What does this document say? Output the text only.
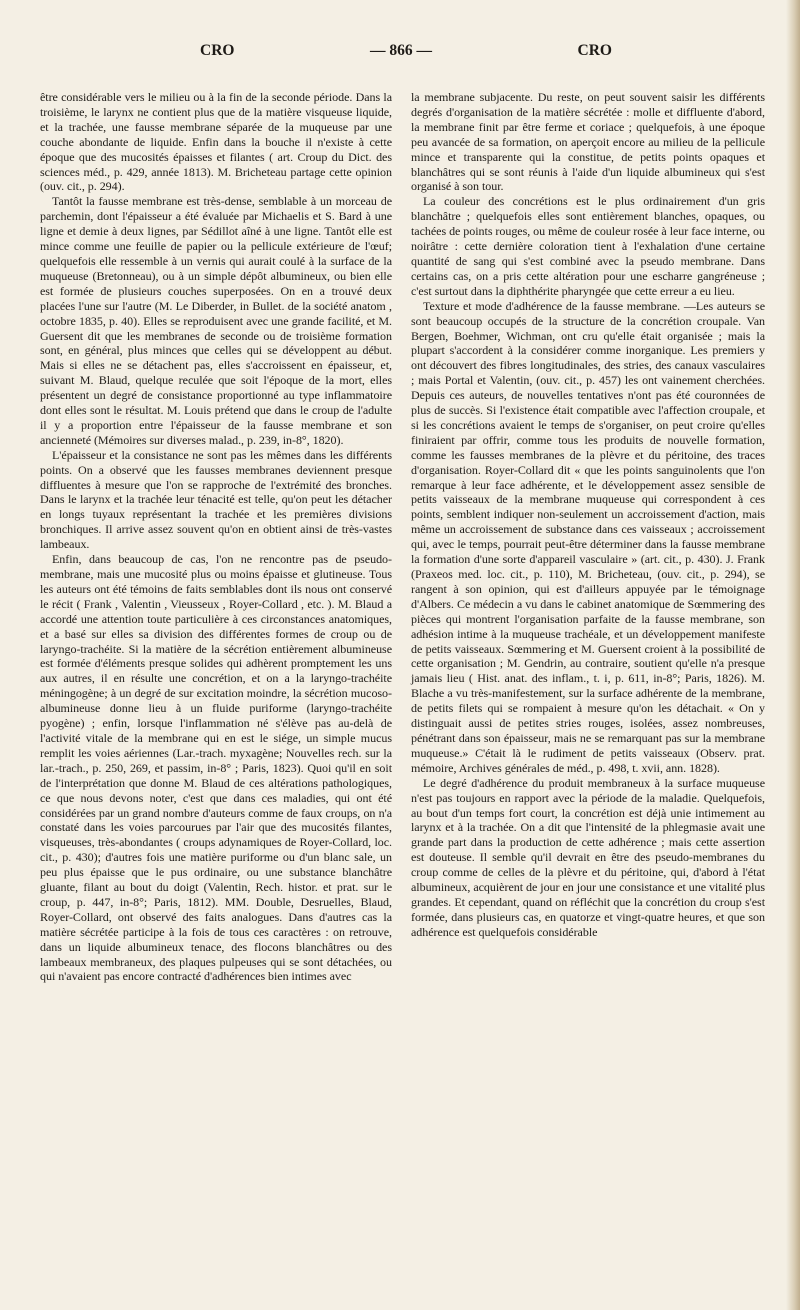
CRO	— 866 —	CRO

être considérable vers le milieu ou à la fin de la seconde période. Dans la troisième, le larynx ne contient plus que de la matière visqueuse liquide, et la trachée, une fausse membrane séparée de la muqueuse par une couche abondante de liquide. Enfin dans la bouche il n'existe à cette époque que des mucosités épaisses et filantes ( art. Croup du Dict. des sciences méd., p. 429, année 1813). M. Bricheteau partage cette opinion (ouv. cit., p. 294).

Tantôt la fausse membrane est très-dense, semblable à un morceau de parchemin, dont l'épaisseur a été évaluée par Michaelis et S. Bard à une ligne et demie à deux lignes, par Sédillot aîné à une ligne. Tantôt elle est mince comme une feuille de papier ou la pellicule extérieure de l'œuf; quelquefois elle ressemble à un vernis qui aurait coulé à la surface de la muqueuse (Bretonneau), ou à un simple dépôt albumineux, ou bien elle est formée de plusieurs couches superposées. On en a trouvé deux placées l'une sur l'autre (M. Le Diberder, in Bullet. de la société anatom , octobre 1835, p. 40). Elles se reproduisent avec une grande facilité, et M. Guersent dit que les membranes de seconde ou de troisième formation sont, en général, plus minces que celles qui se développent au début. Mais si elles ne se détachent pas, elles s'accroissent en épaisseur, et, suivant M. Blaud, quelque reculée que soit l'époque de la mort, elles présentent un degré de consistance proportionné au type inflammatoire dont elles sont le résultat. M. Louis prétend que dans le croup de l'adulte il y a proportion entre l'épaisseur de la fausse membrane et son ancienneté (Mémoires sur diverses malad., p. 239, in-8°, 1820).

L'épaisseur et la consistance ne sont pas les mêmes dans les différents points. On a observé que les fausses membranes deviennent presque diffluentes à mesure que l'on se rapproche de l'extrémité des bronches. Dans le larynx et la trachée leur ténacité est telle, qu'on peut les détacher en longs tuyaux représentant la trachée et les premières divisions bronchiques. Il arrive assez souvent qu'on en obtient ainsi de très-vastes lambeaux.

Enfin, dans beaucoup de cas, l'on ne rencontre pas de pseudo-membrane, mais une mucosité plus ou moins épaisse et glutineuse. Tous les auteurs ont été témoins de faits semblables dont ils nous ont conservé le récit ( Frank , Valentin , Vieusseux , Royer-Collard , etc. ). M. Blaud a accordé une attention toute particulière à ces circonstances anatomiques, et a basé sur elles sa division des différentes formes de croup ou de laryngo-trachéite. Si la matière de la sécrétion entièrement albumineuse est formée d'éléments presque solides qui adhèrent promptement les uns aux autres, il en résulte une concrétion, et on a la laryngo-trachéite méningogène; à un degré de sur excitation moindre, la sécrétion mucoso-albumineuse donne lieu à un fluide puriforme (laryngo-trachéite pyogène) ; enfin, lorsque l'inflammation né s'élève pas au-delà de l'activité vitale de la membrane qui en est le siége, un simple mucus remplit les voies aériennes (Lar.-trach. myxagène; Nouvelles rech. sur la lar.-trach., p. 250, 269, et passim, in-8° ; Paris, 1823). Quoi qu'il en soit de l'interprétation que donne M. Blaud de ces altérations pathologiques, ce que nous devons noter, c'est que dans ces maladies, qui ont été considérées par un grand nombre d'auteurs comme de faux croups, on n'a constaté dans les voies parcourues par l'air que des mucosités filantes, visqueuses, très-abondantes ( croups adynamiques de Royer-Collard, loc. cit., p. 430); d'autres fois une matière puriforme ou d'un blanc sale, un peu plus épaisse que le pus ordinaire, ou une substance blanchâtre gluante, filant au bout du doigt (Valentin, Rech. histor. et prat. sur le croup, p. 447, in-8°; Paris, 1812). MM. Double, Desruelles, Blaud, Royer-Collard, ont observé des faits analogues. Dans d'autres cas la matière sécrétée participe à la fois de tous ces caractères : on retrouve, dans un liquide albumineux tenace, des flocons blanchâtres ou des lambeaux membraneux, des plaques pulpeuses qui se sont détachées, ou qui n'avaient pas encore contracté d'adhérences bien intimes avec

la membrane subjacente. Du reste, on peut souvent saisir les différents degrés d'organisation de la matière sécrétée : molle et diffluente d'abord, la membrane finit par être ferme et coriace ; quelquefois, à une époque peu avancée de sa formation, on aperçoit encore au milieu de la pellicule mince et transparente qui la constitue, de petits points opaques et blanchâtres qui se sont réunis à l'aide d'un liquide albumineux qui s'est organisé à son tour.

La couleur des concrétions est le plus ordinairement d'un gris blanchâtre ; quelquefois elles sont entièrement blanches, opaques, ou tachées de points rouges, ou même de couleur rosée à leur face interne, ou noirâtre : cette dernière coloration tient à l'exhalation d'une certaine quantité de sang qui s'est combiné avec la pseudo membrane. Dans certains cas, on a pris cette altération pour une escharre gangréneuse ; c'est surtout dans la diphthérite pharyngée que cette erreur a eu lieu.

Texture et mode d'adhérence de la fausse membrane. —Les auteurs se sont beaucoup occupés de la structure de la concrétion croupale. Van Bergen, Boehmer, Wichman, ont cru qu'elle était organisée ; mais la plupart s'accordent à la considérer comme inorganique. Les premiers y ont découvert des fibres longitudinales, des stries, des canaux vasculaires ; mais Portal et Valentin, (ouv. cit., p. 457) les ont vainement cherchées. Depuis ces auteurs, de nouvelles tentatives n'ont pas été couronnées de plus de succès. Si l'existence était compatible avec l'affection croupale, et si les concrétions avaient le temps de s'organiser, on peut croire qu'elles finiraient par offrir, comme tous les produits de nouvelle formation, comme les fausses membranes de la plèvre et du péritoine, des traces d'organisation. Royer-Collard dit « que les points sanguinolents que l'on remarque à leur face adhérente, et le développement assez sensible de petits vaisseaux de la membrane muqueuse qui correspondent à ces points, semblent indiquer non-seulement un accroissement d'action, mais même un accroissement de substance dans ces vaisseaux ; accroissement qui, avec le temps, pourrait peut-être déterminer dans la fausse membrane la formation d'une sorte d'appareil vasculaire » (art. cit., p. 430). J. Frank (Praxeos med. loc. cit., p. 110), M. Bricheteau, (ouv. cit., p. 294), se rangent à son opinion, qui est d'ailleurs appuyée par le témoignage d'Albers. Ce médecin a vu dans le cabinet anatomique de Sœmmering des pièces qui montrent l'organisation parfaite de la fausse membrane, son adhésion intime à la muqueuse trachéale, et un développement manifeste de petits vaisseaux. Sœmmering et M. Guersent croient à la possibilité de cette organisation ; M. Gendrin, au contraire, soutient qu'elle n'a presque jamais lieu ( Hist. anat. des inflam., t. i, p. 611, in-8°; Paris, 1826). M. Blache a vu très-manifestement, sur la surface adhérente de la membrane, de petits filets qui se rompaient à mesure qu'on les détachait. « On y distinguait aussi de petites stries rouges, isolées, assez nombreuses, pénétrant dans son épaisseur, mais ne se remarquant pas sur la membrane muqueuse.» C'était là le rudiment de petits vaisseaux (Observ. prat. mémoire, Archives générales de méd., p. 498, t. xvii, ann. 1828).

Le degré d'adhérence du produit membraneux à la surface muqueuse n'est pas toujours en rapport avec la période de la maladie. Quelquefois, au bout d'un temps fort court, la concrétion est déjà unie intimement au larynx et à la trachée. On a dit que l'intensité de la phlegmasie avait une grande part dans la production de cette adhérence ; mais cette assertion est douteuse. Il semble qu'il devrait en être des pseudo-membranes du croup comme de celles de la plèvre et du péritoine, qui, d'abord à l'état albumineux, acquièrent de jour en jour une consistance et une vitalité plus grandes. Et cependant, quand on réfléchit que la concrétion du croup s'est formée, dans plusieurs cas, en quatorze et vingt-quatre heures, et que son adhérence est quelquefois considérable
